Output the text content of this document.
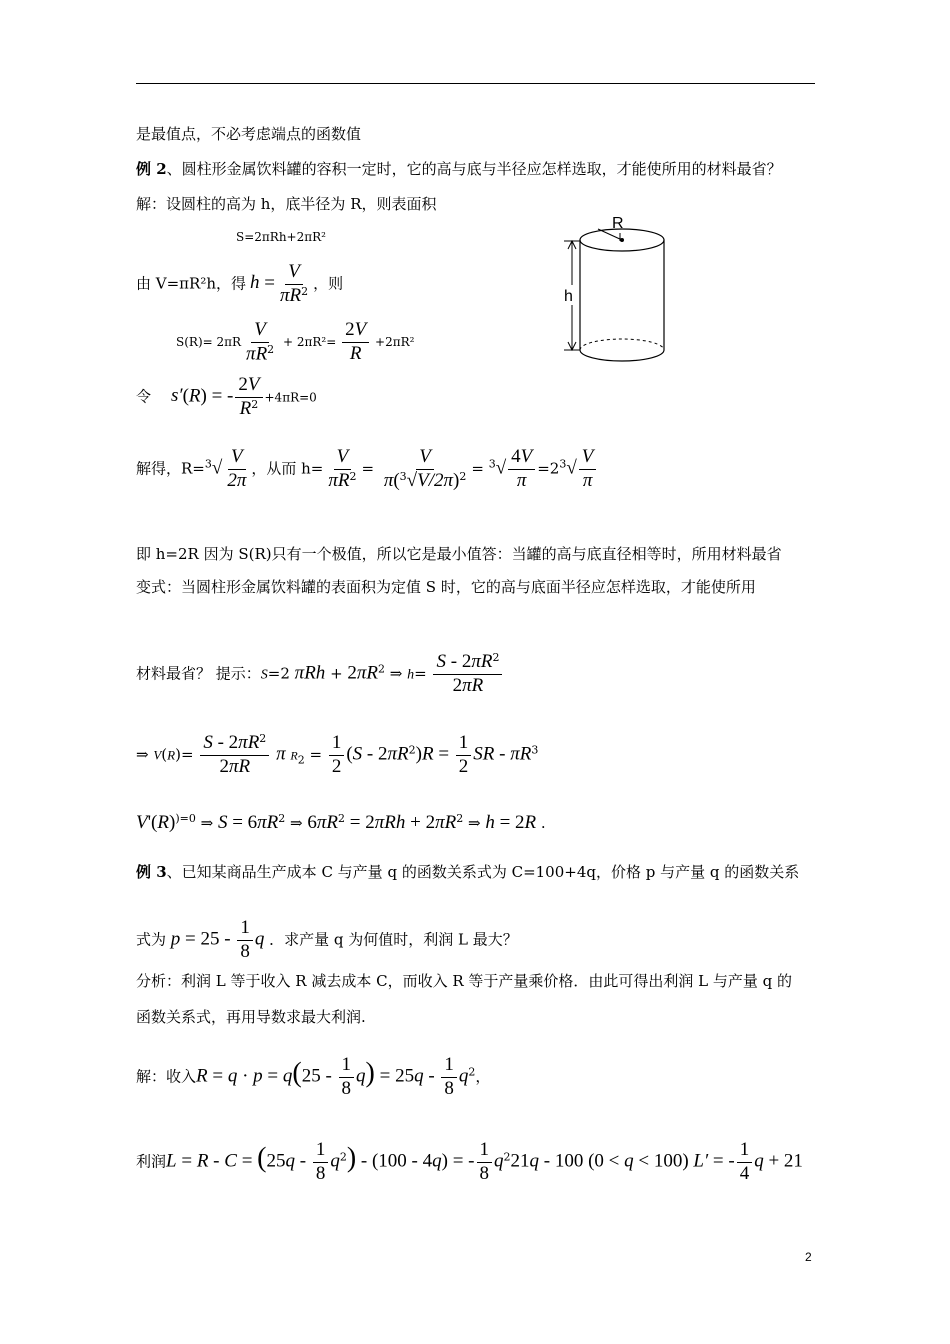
是最值点，不必考虑端点的函数值
例 2、圆柱形金属饮料罐的容积一定时，它的高与底与半径应怎样选取，才能使所用的材料最省？
解：设圆柱的高为 h，底半径为 R，则表面积
S=2πRh+2πR²
由 V=πR²h，得 $h = \frac{V}{\pi R^2}$ ，则
$S(R)= 2\pi R \frac{V}{\pi R^2} + 2\pi R^2= \frac{2V}{R} +2\pi R^2$
令 s′(R) = - $\frac{2V}{R^2} +4\pi R=0$
解得，$R=^3√ \frac{V}{2\pi}$ ，从而 $h= \frac{V}{\pi R^2} = \frac{V}{\pi(^3√V/2\pi)^2} = ^3√ \frac{4V}{\pi} =2^3√ \frac{V}{\pi}$
即 h=2R 因为 S(R)只有一个极值，所以它是最小值答：当罐的高与底直径相等时，所用材料最省
变式：当圆柱形金属饮料罐的表面积为定值 S 时，它的高与底面半径应怎样选取，才能使所用
材料最省？ 提示：S=2 $\pi Rh + 2\pi R^2$ ⇒ $h= \frac{S - 2\pi R^2}{2\pi R}$
⇒ $V(R)= \frac{S - 2\pi R^2}{2\pi R}$ π $R_2 = \frac{1}{2} (S - 2\pi R^2)R = \frac{1}{2}$ SR - $\pi R^3$
$V'(R)^{)=0}$ ⇒ $S = 6\pi R^2$ ⇒ $6\pi R^2 = 2\pi Rh + 2\pi R^2$ ⇒ h = 2R .
例 3、已知某商品生产成本 C 与产量 q 的函数关系式为 C=100+4q，价格 p 与产量 q 的函数关系
式为 $p = 25 - \frac{1}{8}$ q ．求产量 q 为何值时，利润 L 最大？
分析：利润 L 等于收入 R 减去成本 C，而收入 R 等于产量乘价格．由此可得出利润 L 与产量 q 的
函数关系式，再用导数求最大利润.
解：收入$R = q \cdot p = q(25 - \frac{1}{8} q) = 25q - \frac{1}{8} q^2$，
利润$L = R - C = (25q - \frac{1}{8} q^2) - (100 - 4q)$ = - $\frac{1}{8} q^221q - 100$ (0 < q < 100) L′ = - $\frac{1}{4}$ q + 21
R
h
2
